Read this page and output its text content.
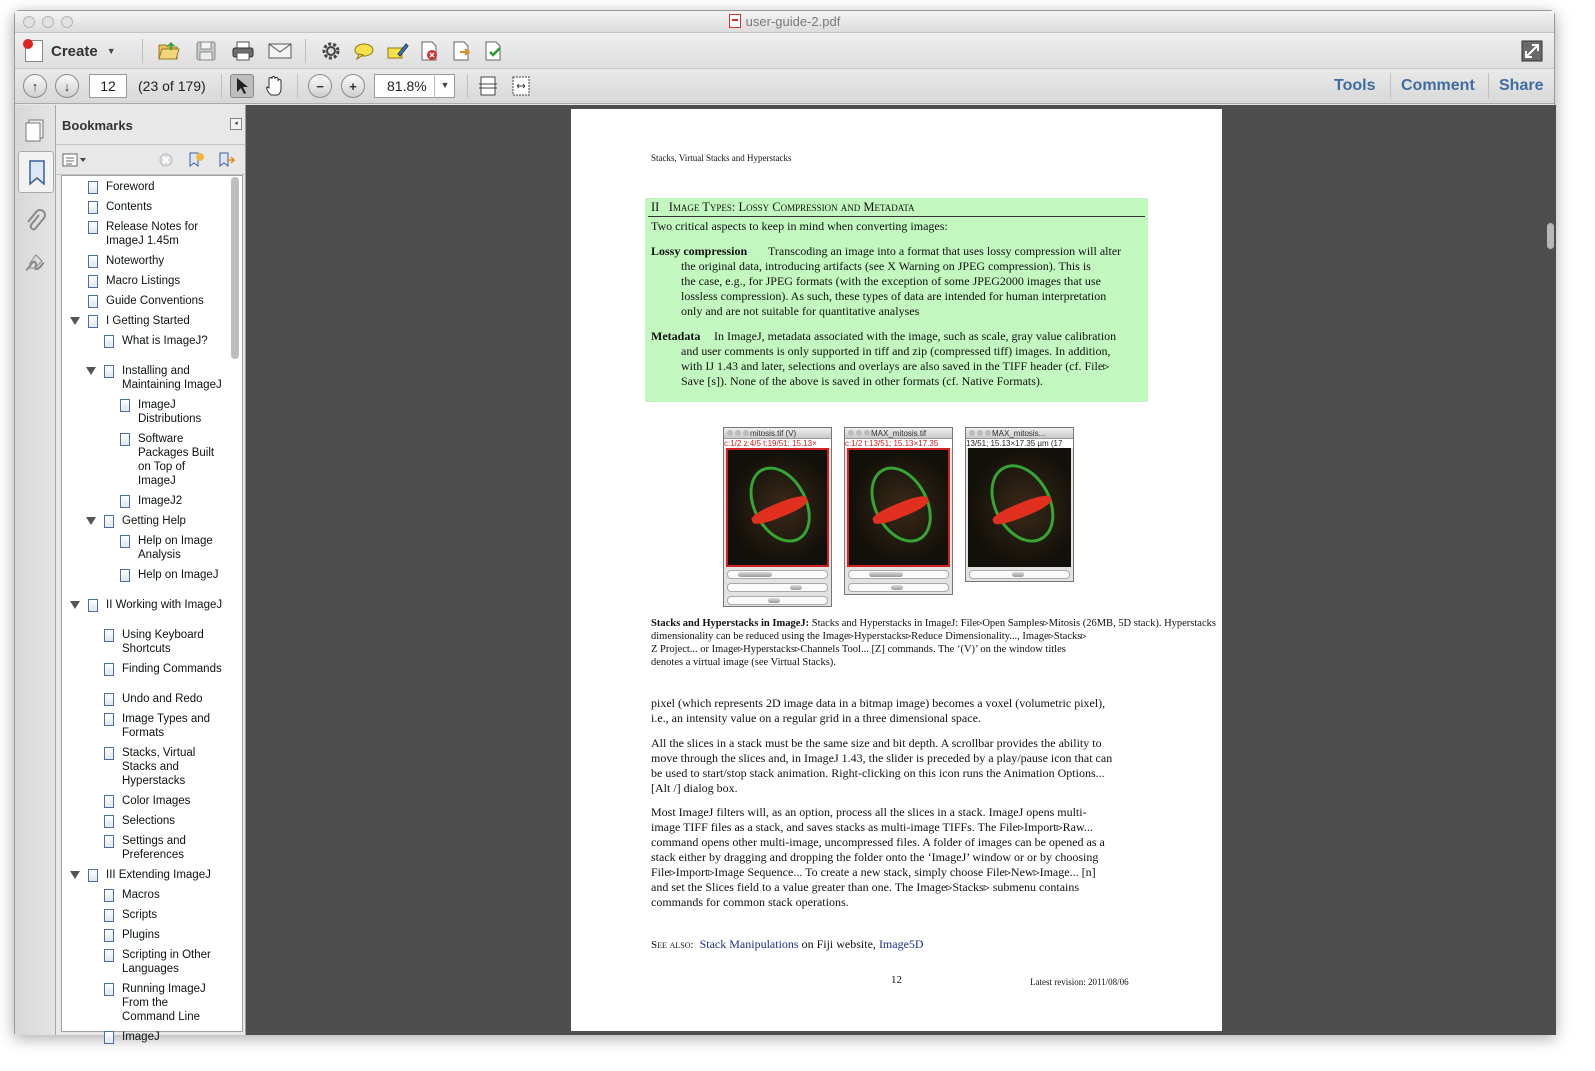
user-guide-2.pdf
Create ▼
↑	↓	12	(23 of 179)	−	+	81.8%	▼	Tools Comment Share
Bookmarks	◂
Foreword
Contents
Release Notes for
ImageJ 1.45m
Noteworthy
Macro Listings
Guide Conventions
I Getting Started
What is ImageJ?
Installing and
Maintaining ImageJ
ImageJ
Distributions
Software
Packages Built
on Top of
ImageJ
ImageJ2
Getting Help
Help on Image
Analysis
Help on ImageJ
II Working with ImageJ
Using Keyboard
Shortcuts
Finding Commands
Undo and Redo
Image Types and
Formats
Stacks, Virtual
Stacks and
Hyperstacks
Color Images
Selections
Settings and
Preferences
III Extending ImageJ
Macros
Scripts
Plugins
Scripting in Other
Languages
Running ImageJ
From the
Command Line
ImageJ
Stacks, Virtual Stacks and Hyperstacks
II Image Types: Lossy Compression and Metadata
Two critical aspects to keep in mind when converting images:
Lossy compression Transcoding an image into a format that uses lossy compression will alter
the original data, introducing artifacts (see X Warning on JPEG compression). This is
the case, e.g., for JPEG formats (with the exception of some JPEG2000 images that use
lossless compression). As such, these types of data are intended for human interpretation
only and are not suitable for quantitative analyses
Metadata In ImageJ, metadata associated with the image, such as scale, gray value calibration
and user comments is only supported in tiff and zip (compressed tiff) images. In addition,
with IJ 1.43 and later, selections and overlays are also saved in the TIFF header (cf. File▹
Save [s]). None of the above is saved in other formats (cf. Native Formats).
mitosis.tif (V)
c:1/2 z:4/5 t:19/51; 15.13×
MAX_mitosis.tif
c:1/2 t:13/51; 15.13×17.35
MAX_mitosis...
13/51; 15.13×17.35 µm (17
Stacks and Hyperstacks in ImageJ: Stacks and Hyperstacks in ImageJ: File▹Open Samples▹Mitosis (26MB, 5D stack). Hyperstacks
dimensionality can be reduced using the Image▹Hyperstacks▹Reduce Dimensionality..., Image▹Stacks▹
Z Project... or Image▹Hyperstacks▹Channels Tool... [Z] commands. The ‘(V)’ on the window titles
denotes a virtual image (see Virtual Stacks).
pixel (which represents 2D image data in a bitmap image) becomes a voxel (volumetric pixel),
i.e., an intensity value on a regular grid in a three dimensional space.
All the slices in a stack must be the same size and bit depth. A scrollbar provides the ability to
move through the slices and, in ImageJ 1.43, the slider is preceded by a play/pause icon that can
be used to start/stop stack animation. Right-clicking on this icon runs the Animation Options...
[Alt /] dialog box.
Most ImageJ filters will, as an option, process all the slices in a stack. ImageJ opens multi-
image TIFF files as a stack, and saves stacks as multi-image TIFFs. The File▹Import▹Raw...
command opens other multi-image, uncompressed files. A folder of images can be opened as a
stack either by dragging and dropping the folder onto the ‘ImageJ’ window or or by choosing
File▹Import▹Image Sequence... To create a new stack, simply choose File▹New▹Image... [n]
and set the Slices field to a value greater than one. The Image▹Stacks▹ submenu contains
commands for common stack operations.
See also: Stack Manipulations on Fiji website, Image5D
12	Latest revision: 2011/08/06
